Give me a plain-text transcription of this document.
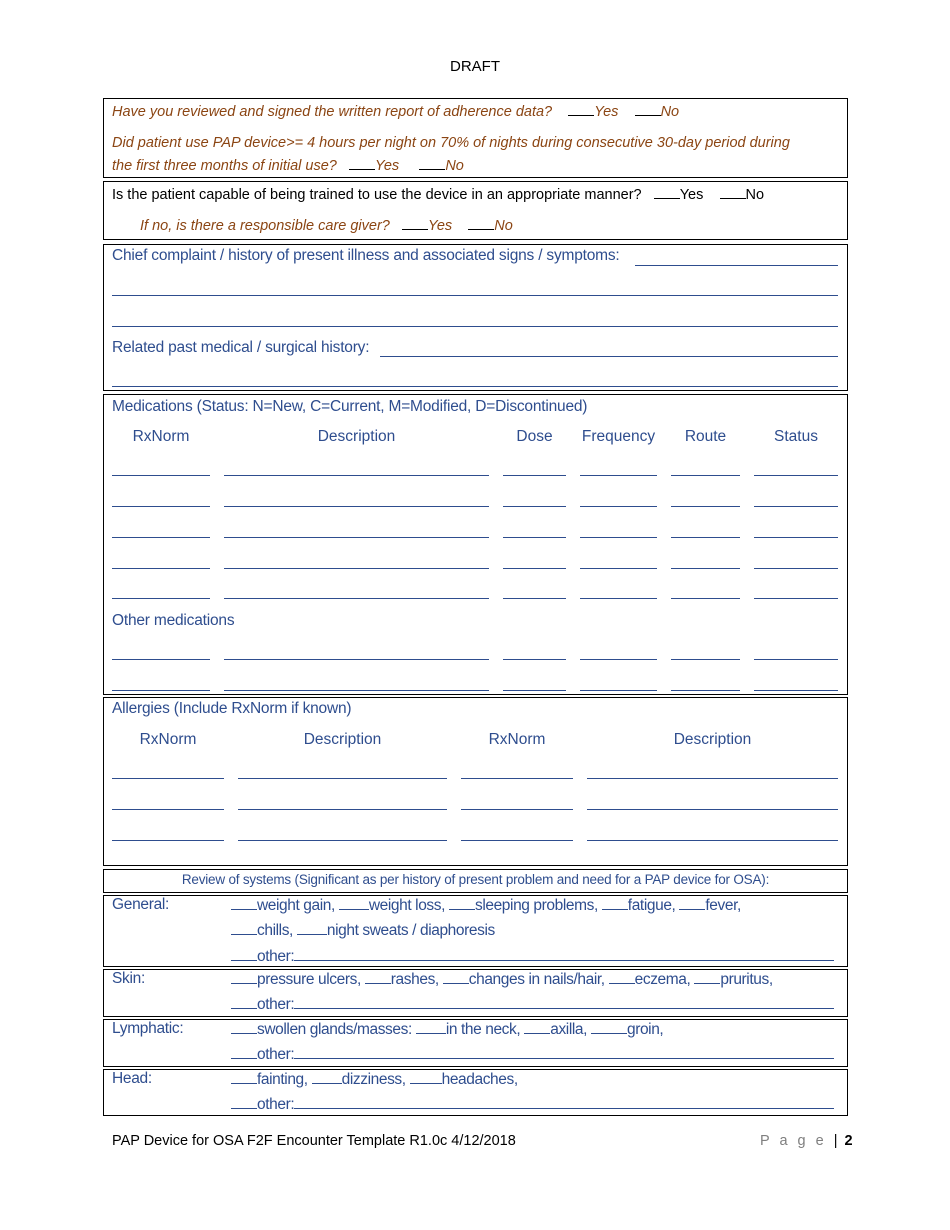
DRAFT
Have you reviewed and signed the written report of adherence data?	Yes	No
Did patient use PAP device>= 4 hours per night on 70% of nights during consecutive 30-day period during
the first three months of initial use?	Yes	No
Is the patient capable of being trained to use the device in an appropriate manner?	Yes	No
If no, is there a responsible care giver?	Yes	No
Chief complaint / history of present illness and associated signs / symptoms:
Related past medical / surgical history:
Medications (Status: N=New, C=Current, M=Modified, D=Discontinued)
RxNorm	Description	Dose	Frequency	Route	Status
Other medications
Allergies (Include RxNorm if known)
RxNorm	Description	RxNorm	Description
Review of systems (Significant as per history of present problem and need for a PAP device for OSA):
General:	weight gain, weight loss, sleeping problems, fatigue, fever,
chills, night sweats / diaphoresis
other:
Skin:	pressure ulcers, rashes, changes in nails/hair, eczema, pruritus,
other:
Lymphatic:	swollen glands/masses: in the neck, axilla,	groin,
other:
Head:	fainting, dizziness, headaches,
other:
PAP Device for OSA F2F Encounter Template R1.0c 4/12/2018	P a g e | 2
